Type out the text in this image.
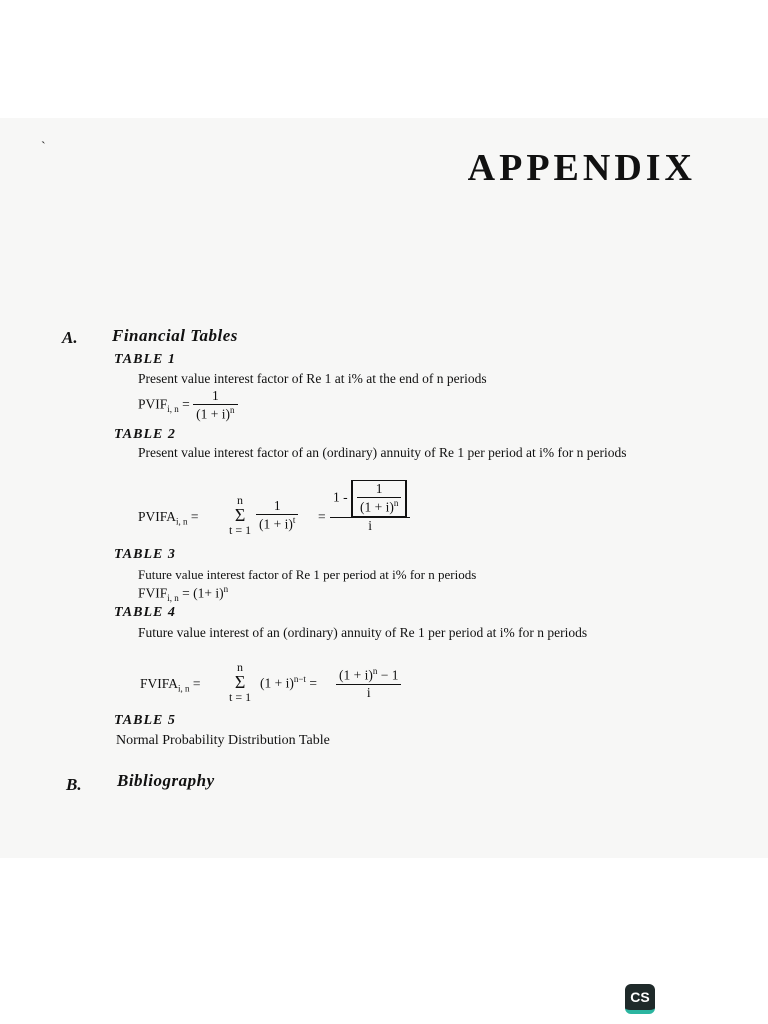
`	APPENDIX
A. Financial Tables
TABLE 1
Present value interest factor of Re 1 at i% at the end of n periods
$PVIF_{i, n} = \frac{1}{(1 + i)^n}$
TABLE 2
Present value interest factor of an (ordinary) annuity of Re 1 per period at i% for n periods
$PVIFA_{i, n}$ =
n
Σ
$t = 1 \frac{1}{(1 + i)^t} = \frac{1 - \frac{1}{(1 + i)^n}}{i}$
TABLE 3
Future value interest factor of Re 1 per period at i% for n periods
$FVIF_{i, n} = (1+ i)^n$
TABLE 4
Future value interest of an (ordinary) annuity of Re 1 per period at i% for n periods
$FVIFA_{i, n}$ =
n
Σ
t = 1
$(1 + i)^{n-t} = \frac{(1 + i)^n - 1}{i}$
TABLE 5
Normal Probability Distribution Table
B. Bibliography
CS
